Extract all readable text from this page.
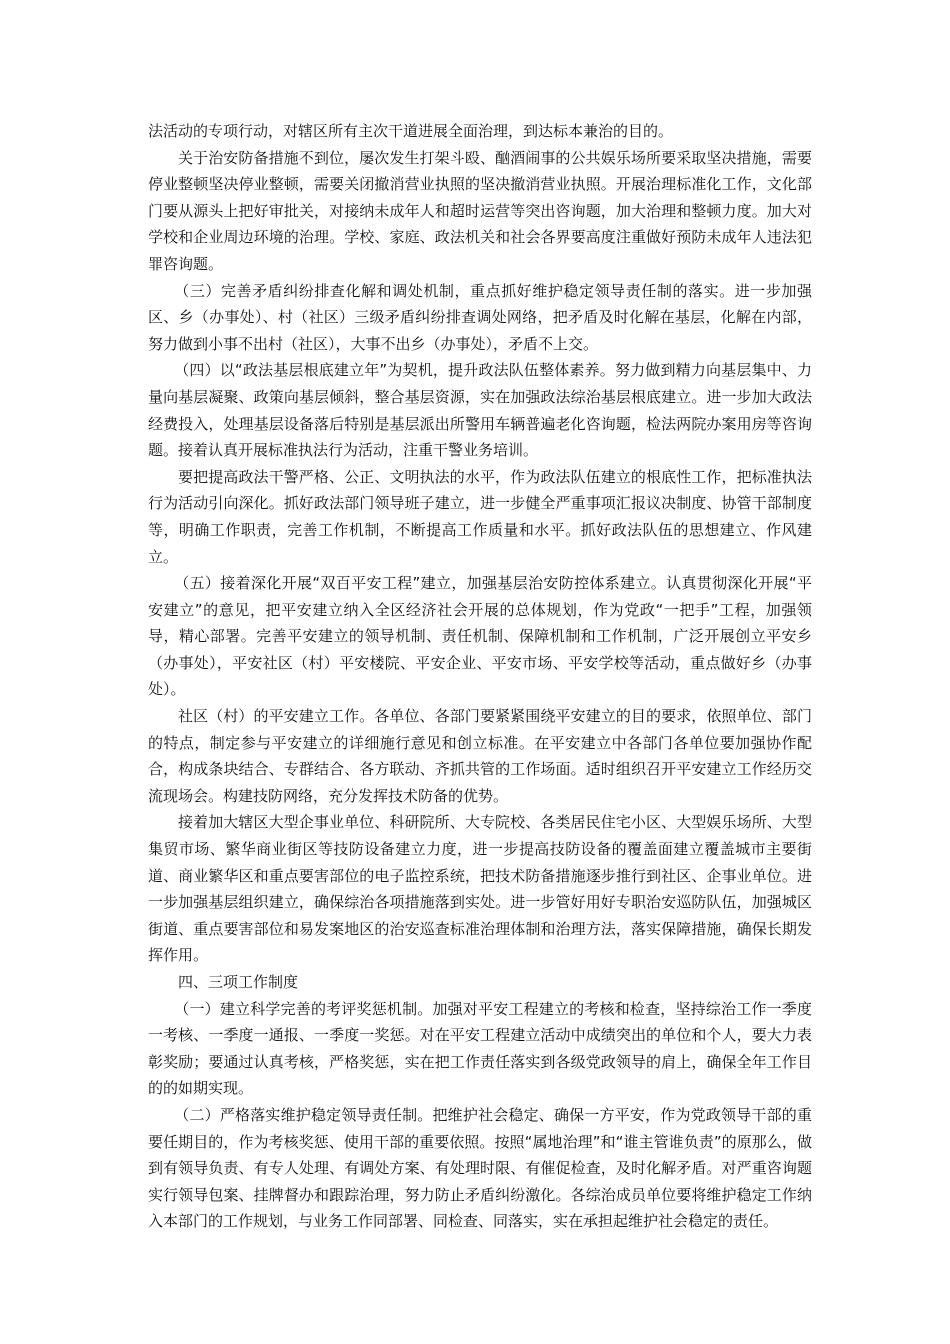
法活动的专项行动，对辖区所有主次干道进展全面治理，到达标本兼治的目的。

关于治安防备措施不到位，屡次发生打架斗殴、酗酒闹事的公共娱乐场所要采取坚决措施，需要停业整顿坚决停业整顿，需要关闭撤消营业执照的坚决撤消营业执照。开展治理标准化工作，文化部门要从源头上把好审批关，对接纳未成年人和超时运营等突出咨询题，加大治理和整顿力度。加大对学校和企业周边环境的治理。学校、家庭、政法机关和社会各界要高度注重做好预防未成年人违法犯罪咨询题。

（三）完善矛盾纠纷排查化解和调处机制，重点抓好维护稳定领导责任制的落实。进一步加强区、乡（办事处）、村（社区）三级矛盾纠纷排查调处网络，把矛盾及时化解在基层，化解在内部，努力做到小事不出村（社区），大事不出乡（办事处），矛盾不上交。

（四）以“政法基层根底建立年”为契机，提升政法队伍整体素养。努力做到精力向基层集中、力量向基层凝聚、政策向基层倾斜，整合基层资源，实在加强政法综治基层根底建立。进一步加大政法经费投入，处理基层设备落后特别是基层派出所警用车辆普遍老化咨询题，检法两院办案用房等咨询题。接着认真开展标准执法行为活动，注重干警业务培训。

要把提高政法干警严格、公正、文明执法的水平，作为政法队伍建立的根底性工作，把标准执法行为活动引向深化。抓好政法部门领导班子建立，进一步健全严重事项汇报议决制度、协管干部制度等，明确工作职责，完善工作机制，不断提高工作质量和水平。抓好政法队伍的思想建立、作风建立。

（五）接着深化开展“双百平安工程”建立，加强基层治安防控体系建立。认真贯彻深化开展“平安建立”的意见，把平安建立纳入全区经济社会开展的总体规划，作为党政“一把手”工程，加强领导，精心部署。完善平安建立的领导机制、责任机制、保障机制和工作机制，广泛开展创立平安乡（办事处），平安社区（村）平安楼院、平安企业、平安市场、平安学校等活动，重点做好乡（办事处）。

社区（村）的平安建立工作。各单位、各部门要紧紧围绕平安建立的目的要求，依照单位、部门的特点，制定参与平安建立的详细施行意见和创立标准。在平安建立中各部门各单位要加强协作配合，构成条块结合、专群结合、各方联动、齐抓共管的工作场面。适时组织召开平安建立工作经历交流现场会。构建技防网络，充分发挥技术防备的优势。

接着加大辖区大型企事业单位、科研院所、大专院校、各类居民住宅小区、大型娱乐场所、大型集贸市场、繁华商业街区等技防设备建立力度，进一步提高技防设备的覆盖面建立覆盖城市主要街道、商业繁华区和重点要害部位的电子监控系统，把技术防备措施逐步推行到社区、企事业单位。进一步加强基层组织建立，确保综治各项措施落到实处。进一步管好用好专职治安巡防队伍，加强城区街道、重点要害部位和易发案地区的治安巡查标准治理体制和治理方法，落实保障措施，确保长期发挥作用。

四、三项工作制度

（一）建立科学完善的考评奖惩机制。加强对平安工程建立的考核和检查，坚持综治工作一季度一考核、一季度一通报、一季度一奖惩。对在平安工程建立活动中成绩突出的单位和个人，要大力表彰奖励；要通过认真考核，严格奖惩，实在把工作责任落实到各级党政领导的肩上，确保全年工作目的的如期实现。

（二）严格落实维护稳定领导责任制。把维护社会稳定、确保一方平安，作为党政领导干部的重要任期目的，作为考核奖惩、使用干部的重要依照。按照“属地治理”和“谁主管谁负责”的原那么，做到有领导负责、有专人处理、有调处方案、有处理时限、有催促检查，及时化解矛盾。对严重咨询题实行领导包案、挂牌督办和跟踪治理，努力防止矛盾纠纷激化。各综治成员单位要将维护稳定工作纳入本部门的工作规划，与业务工作同部署、同检查、同落实，实在承担起维护社会稳定的责任。
